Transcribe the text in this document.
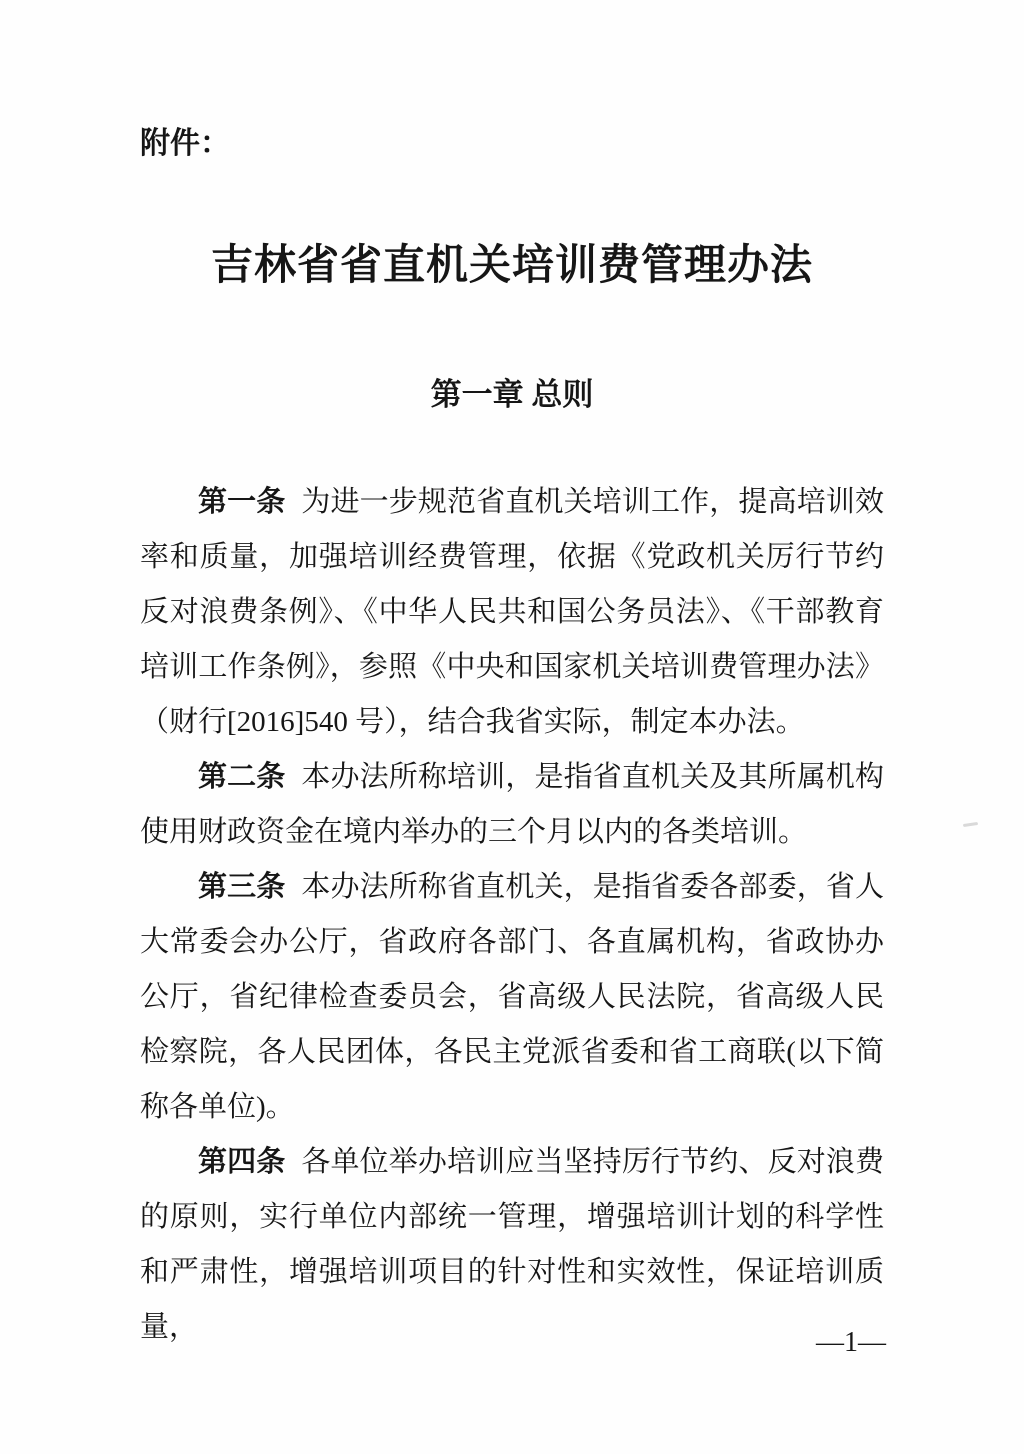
附件：
吉林省省直机关培训费管理办法
第一章 总则

第一条 为进一步规范省直机关培训工作，提高培训效率和质量，加强培训经费管理，依据《党政机关厉行节约反对浪费条例》、《中华人民共和国公务员法》、《干部教育培训工作条例》，参照《中央和国家机关培训费管理办法》（财行[2016]540 号），结合我省实际，制定本办法。

第二条 本办法所称培训，是指省直机关及其所属机构使用财政资金在境内举办的三个月以内的各类培训。

第三条 本办法所称省直机关，是指省委各部委，省人大常委会办公厅，省政府各部门、各直属机构，省政协办公厅，省纪律检查委员会，省高级人民法院，省高级人民检察院，各人民团体，各民主党派省委和省工商联(以下简称各单位)。

第四条 各单位举办培训应当坚持厉行节约、反对浪费的原则，实行单位内部统一管理，增强培训计划的科学性和严肃性，增强培训项目的针对性和实效性，保证培训质量，	—1—
